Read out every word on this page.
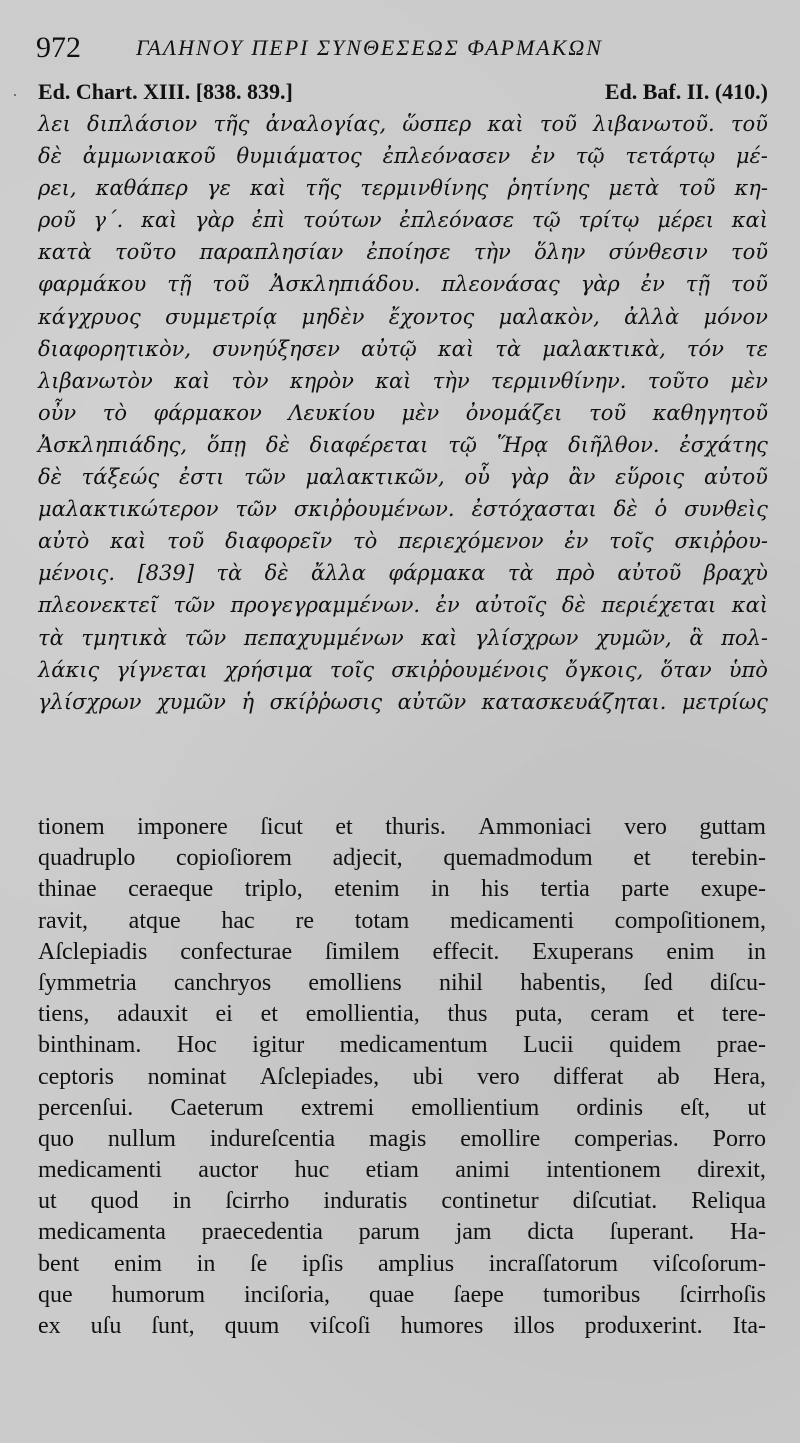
972	ΓΑΛΗΝΟΥ ΠΕΡΙ ΣΥΝΘΕΣΕΩΣ ΦΑΡΜΑΚΩΝ
Ed. Chart. XIII. [838. 839.]	Ed. Baf. II. (410.)
λει διπλάσιον τῆς ἀναλογίας, ὥσπερ καὶ τοῦ λιβανωτοῦ. τοῦ
δὲ ἀμμωνιακοῦ θυμιάματος ἐπλεόνασεν ἐν τῷ τετάρτῳ μέ-
ρει, καθάπερ γε καὶ τῆς τερμινθίνης ῥητίνης μετὰ τοῦ κη-
ροῦ γ΄. καὶ γὰρ ἐπὶ τούτων ἐπλεόνασε τῷ τρίτῳ μέρει καὶ
κατὰ τοῦτο παραπλησίαν ἐποίησε τὴν ὅλην σύνθεσιν τοῦ
φαρμάκου τῇ τοῦ Ἀσκληπιάδου. πλεονάσας γὰρ ἐν τῇ τοῦ
κάγχρυος συμμετρίᾳ μηδὲν ἔχοντος μαλακὸν, ἀλλὰ μόνον
διαφορητικὸν, συνηύξησεν αὐτῷ καὶ τὰ μαλακτικὰ, τόν τε
λιβανωτὸν καὶ τὸν κηρὸν καὶ τὴν τερμινθίνην. τοῦτο μὲν
οὖν τὸ φάρμακον Λευκίου μὲν ὀνομάζει τοῦ καθηγητοῦ
Ἀσκληπιάδης, ὅπῃ δὲ διαφέρεται τῷ Ἥρᾳ διῆλθον. ἐσχάτης
δὲ τάξεώς ἐστι τῶν μαλακτικῶν, οὗ γὰρ ἂν εὕροις αὐτοῦ
μαλακτικώτερον τῶν σκιῤῥουμένων. ἐστόχασται δὲ ὁ συνθεὶς
αὐτὸ καὶ τοῦ διαφορεῖν τὸ περιεχόμενον ἐν τοῖς σκιῤῥου-
μένοις. [839] τὰ δὲ ἄλλα φάρμακα τὰ πρὸ αὐτοῦ βραχὺ
πλεονεκτεῖ τῶν προγεγραμμένων. ἐν αὐτοῖς δὲ περιέχεται καὶ
τὰ τμητικὰ τῶν πεπαχυμμένων καὶ γλίσχρων χυμῶν, ἃ πολ-
λάκις γίγνεται χρήσιμα τοῖς σκιῤῥουμένοις ὄγκοις, ὅταν ὑπὸ
γλίσχρων χυμῶν ἡ σκίῤῥωσις αὐτῶν κατασκευάζηται. μετρίως
tionem imponere ſicut et thuris. Ammoniaci vero guttam
quadruplo copioſiorem adjecit, quemadmodum et terebin-
thinae ceraeque triplo, etenim in his tertia parte exupe-
ravit, atque hac re totam medicamenti compoſitionem,
Aſclepiadis confecturae ſimilem effecit. Exuperans enim in
ſymmetria canchryos emolliens nihil habentis, ſed diſcu-
tiens, adauxit ei et emollientia, thus puta, ceram et tere-
binthinam. Hoc igitur medicamentum Lucii quidem prae-
ceptoris nominat Aſclepiades, ubi vero differat ab Hera,
percenſui. Caeterum extremi emollientium ordinis eſt, ut
quo nullum indureſcentia magis emollire comperias. Porro
medicamenti auctor huc etiam animi intentionem direxit,
ut quod in ſcirrho induratis continetur diſcutiat. Reliqua
medicamenta praecedentia parum jam dicta ſuperant. Ha-
bent enim in ſe ipſis amplius incraſſatorum viſcoſorum-
que humorum inciſoria, quae ſaepe tumoribus ſcirrhoſis
ex uſu ſunt, quum viſcoſi humores illos produxerint. Ita-
